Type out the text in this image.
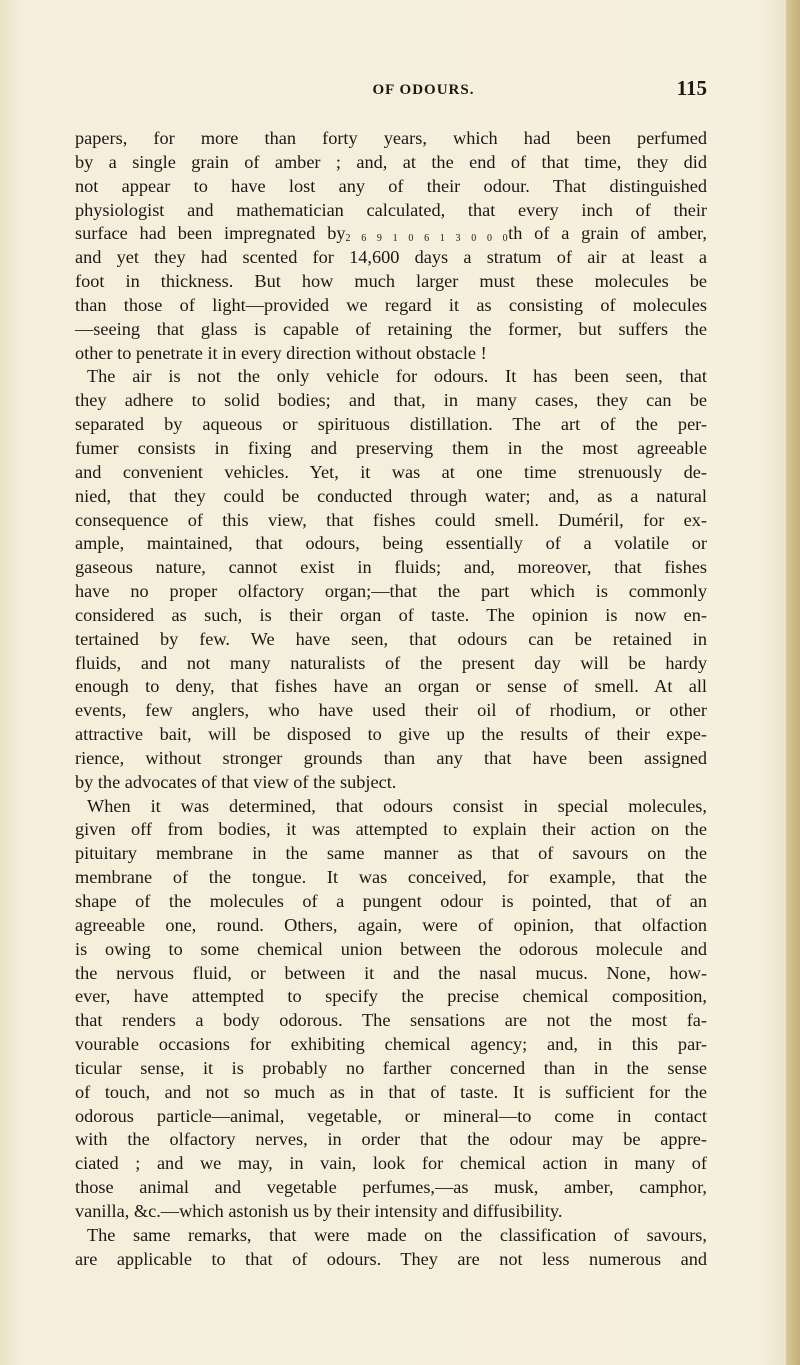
OF ODOURS.	115
papers, for more than forty years, which had been perfumed
by a single grain of amber ; and, at the end of that time, they did
not appear to have lost any of their odour. That distinguished
physiologist and mathematician calculated, that every inch of their
surface had been impregnated by2 6 9 1 0 6 1 3 0 0 0th of a grain of amber,
and yet they had scented for 14,600 days a stratum of air at least a
foot in thickness. But how much larger must these molecules be
than those of light—provided we regard it as consisting of molecules
—seeing that glass is capable of retaining the former, but suffers the
other to penetrate it in every direction without obstacle !
The air is not the only vehicle for odours. It has been seen, that
they adhere to solid bodies; and that, in many cases, they can be
separated by aqueous or spirituous distillation. The art of the per-
fumer consists in fixing and preserving them in the most agreeable
and convenient vehicles. Yet, it was at one time strenuously de-
nied, that they could be conducted through water; and, as a natural
consequence of this view, that fishes could smell. Duméril, for ex-
ample, maintained, that odours, being essentially of a volatile or
gaseous nature, cannot exist in fluids; and, moreover, that fishes
have no proper olfactory organ;—that the part which is commonly
considered as such, is their organ of taste. The opinion is now en-
tertained by few. We have seen, that odours can be retained in
fluids, and not many naturalists of the present day will be hardy
enough to deny, that fishes have an organ or sense of smell. At all
events, few anglers, who have used their oil of rhodium, or other
attractive bait, will be disposed to give up the results of their expe-
rience, without stronger grounds than any that have been assigned
by the advocates of that view of the subject.
When it was determined, that odours consist in special molecules,
given off from bodies, it was attempted to explain their action on the
pituitary membrane in the same manner as that of savours on the
membrane of the tongue. It was conceived, for example, that the
shape of the molecules of a pungent odour is pointed, that of an
agreeable one, round. Others, again, were of opinion, that olfaction
is owing to some chemical union between the odorous molecule and
the nervous fluid, or between it and the nasal mucus. None, how-
ever, have attempted to specify the precise chemical composition,
that renders a body odorous. The sensations are not the most fa-
vourable occasions for exhibiting chemical agency; and, in this par-
ticular sense, it is probably no farther concerned than in the sense
of touch, and not so much as in that of taste. It is sufficient for the
odorous particle—animal, vegetable, or mineral—to come in contact
with the olfactory nerves, in order that the odour may be appre-
ciated ; and we may, in vain, look for chemical action in many of
those animal and vegetable perfumes,—as musk, amber, camphor,
vanilla, &c.—which astonish us by their intensity and diffusibility.
The same remarks, that were made on the classification of savours,
are applicable to that of odours. They are not less numerous and
